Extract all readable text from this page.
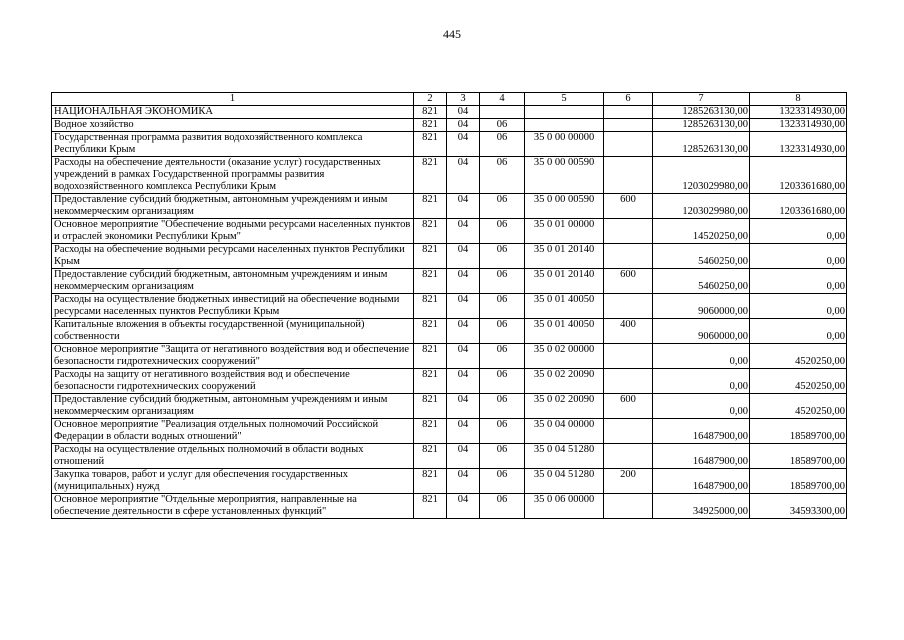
445
1	2	3	4	5	6	7	8
НАЦИОНАЛЬНАЯ ЭКОНОМИКА	821	04				1285263130,00	1323314930,00
Водное хозяйство	821	04	06			1285263130,00	1323314930,00
Государственная программа развития водохозяйственного комплекса Республики Крым	821	04	06	35 0 00 00000		1285263130,00	1323314930,00
Расходы на обеспечение деятельности (оказание услуг) государственных учреждений в рамках Государственной программы развития водохозяйственного комплекса Республики Крым	821	04	06	35 0 00 00590		1203029980,00	1203361680,00
Предоставление субсидий бюджетным, автономным учреждениям и иным некоммерческим организациям	821	04	06	35 0 00 00590	600	1203029980,00	1203361680,00
Основное мероприятие "Обеспечение водными ресурсами населенных пунктов и отраслей экономики Республики Крым"	821	04	06	35 0 01 00000		14520250,00	0,00
Расходы на обеспечение водными ресурсами населенных пунктов Республики Крым	821	04	06	35 0 01 20140		5460250,00	0,00
Предоставление субсидий бюджетным, автономным учреждениям и иным некоммерческим организациям	821	04	06	35 0 01 20140	600	5460250,00	0,00
Расходы на осуществление бюджетных инвестиций на обеспечение водными ресурсами населенных пунктов Республики Крым	821	04	06	35 0 01 40050		9060000,00	0,00
Капитальные вложения в объекты государственной (муниципальной) собственности	821	04	06	35 0 01 40050	400	9060000,00	0,00
Основное мероприятие "Защита от негативного воздействия вод и обеспечение безопасности гидротехнических сооружений"	821	04	06	35 0 02 00000		0,00	4520250,00
Расходы на защиту от негативного воздействия вод и обеспечение безопасности гидротехнических сооружений	821	04	06	35 0 02 20090		0,00	4520250,00
Предоставление субсидий бюджетным, автономным учреждениям и иным некоммерческим организациям	821	04	06	35 0 02 20090	600	0,00	4520250,00
Основное мероприятие "Реализация отдельных полномочий Российской Федерации в области водных отношений"	821	04	06	35 0 04 00000		16487900,00	18589700,00
Расходы на осуществление отдельных полномочий в области водных отношений	821	04	06	35 0 04 51280		16487900,00	18589700,00
Закупка товаров, работ и услуг для обеспечения государственных (муниципальных) нужд	821	04	06	35 0 04 51280	200	16487900,00	18589700,00
Основное мероприятие "Отдельные мероприятия, направленные на обеспечение деятельности в сфере установленных функций"	821	04	06	35 0 06 00000		34925000,00	34593300,00
